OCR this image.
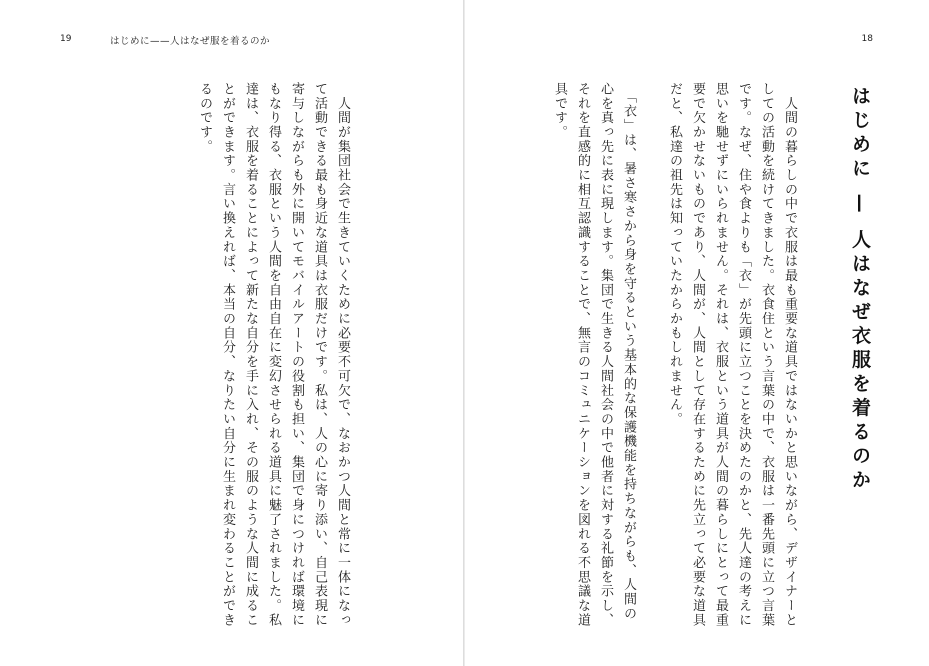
19	はじめに——人はなぜ服を着るのか
　人間が集団社会で生きていくために必要不可欠で、なおかつ人間と常に一体になっ
て活動できる最も身近な道具は衣服だけです。私は、人の心に寄り添い、自己表現に
寄与しながらも外に開いてモバイルアートの役割も担い、集団で身につければ環境に
もなり得る、衣服という人間を自由自在に変幻させられる道具に魅了されました。私
達は、衣服を着ることによって新たな自分を手に入れ、その服のような人間に成るこ
とができます。言い換えれば、本当の自分、なりたい自分に生まれ変わることができ
るのです。
18
はじめに — 人はなぜ衣服を着るのか
　人間の暮らしの中で衣服は最も重要な道具ではないかと思いながら、デザイナーと
しての活動を続けてきました。衣食住という言葉の中で、衣服は一番先頭に立つ言葉
です。なぜ、住や食よりも「衣」が先頭に立つことを決めたのかと、先人達の考えに
思いを馳せずにいられません。それは、衣服という道具が人間の暮らしにとって最重
要で欠かせないものであり、人間が、人間として存在するために先立って必要な道具
だと、私達の祖先は知っていたからかもしれません。

　「衣」は、暑さ寒さから身を守るという基本的な保護機能を持ちながらも、人間の
心を真っ先に表に現します。集団で生きる人間社会の中で他者に対する礼節を示し、
それを直感的に相互認識することで、無言のコミュニケーションを図れる不思議な道
具です。
